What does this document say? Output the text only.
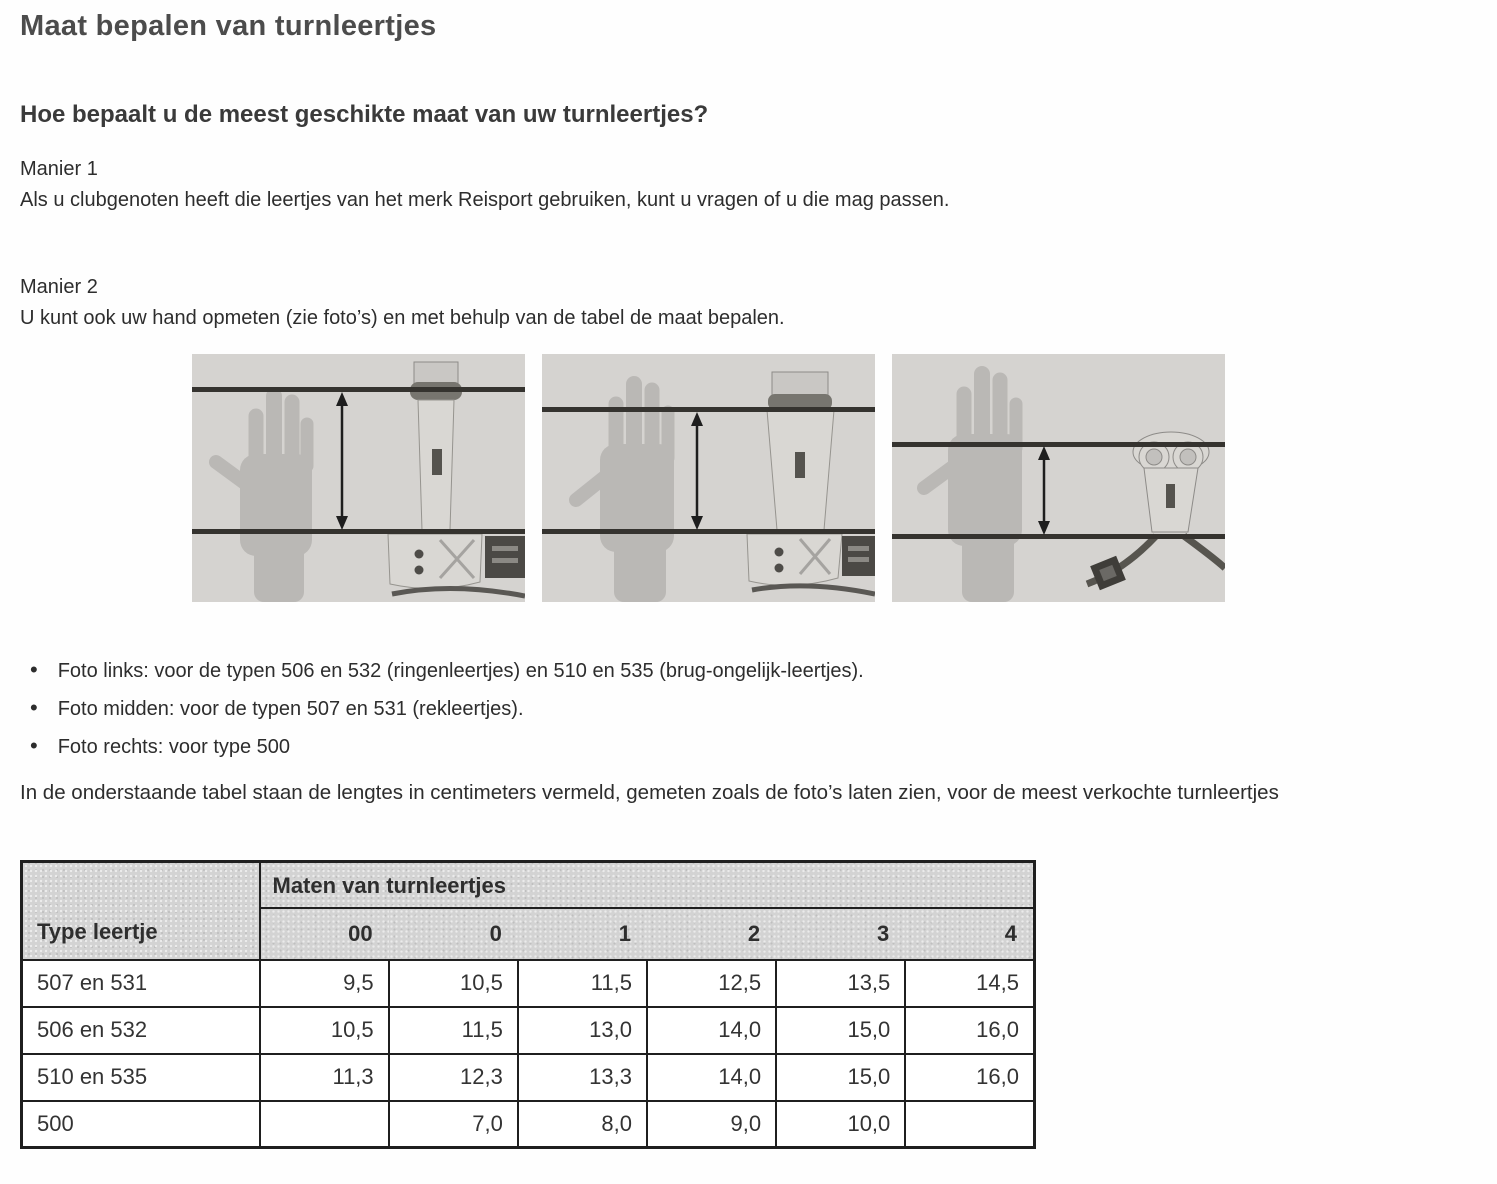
Maat bepalen van turnleertjes
Hoe bepaalt u de meest geschikte maat van uw turnleertjes?

Manier 1

Als u clubgenoten heeft die leertjes van het merk Reisport gebruiken, kunt u vragen of u die mag passen.

Manier 2

U kunt ook uw hand opmeten (zie foto’s) en met behulp van de tabel de maat bepalen.

• Foto links: voor de typen 506 en 532 (ringenleertjes) en 510 en 535 (brug-ongelijk-leertjes).
• Foto midden: voor de typen 507 en 531 (rekleertjes).
• Foto rechts: voor type 500

In de onderstaande tabel staan de lengtes in centimeters vermeld, gemeten zoals de foto’s laten zien, voor de meest verkochte turnleertjes

Type leertje	Maten van turnleertjes					
	00	0	1	2	3	4
507 en 531	9,5	10,5	11,5	12,5	13,5	14,5
506 en 532	10,5	11,5	13,0	14,0	15,0	16,0
510 en 535	11,3	12,3	13,3	14,0	15,0	16,0
500		7,0	8,0	9,0	10,0	
